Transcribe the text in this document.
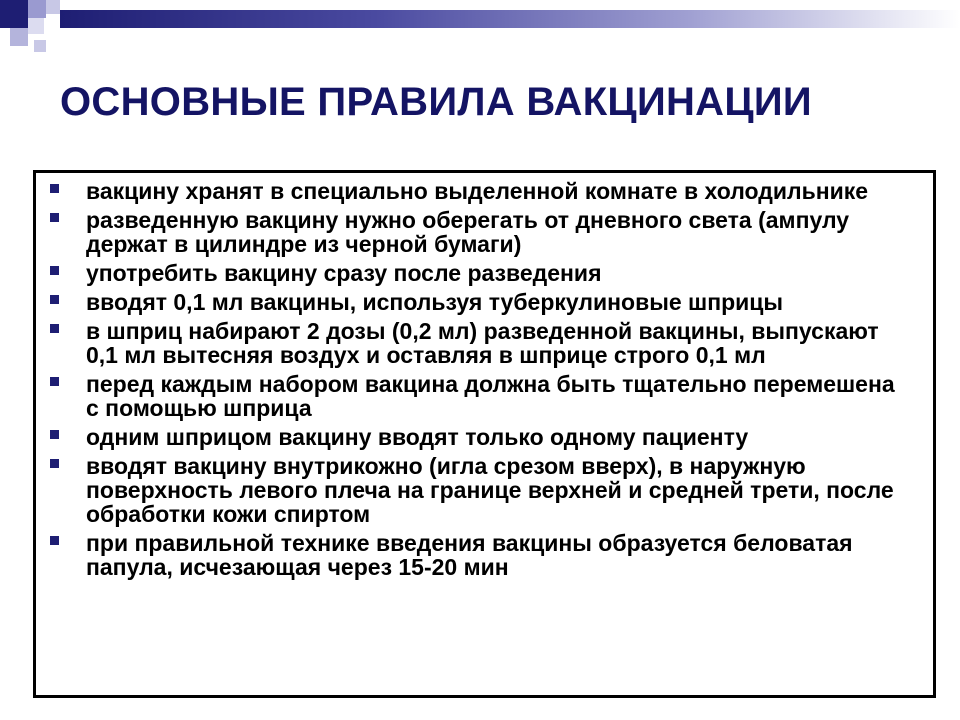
ОСНОВНЫЕ ПРАВИЛА ВАКЦИНАЦИИ
вакцину хранят в специально выделенной комнате в холодильнике
разведенную вакцину нужно оберегать от дневного света (ампулу держат в цилиндре из черной бумаги)
употребить вакцину сразу после разведения
вводят 0,1 мл вакцины, используя туберкулиновые шприцы
в шприц набирают 2 дозы (0,2 мл) разведенной вакцины, выпускают 0,1 мл вытесняя воздух и оставляя в шприце строго 0,1 мл
перед каждым набором вакцина должна быть тщательно перемешена с помощью шприца
одним шприцом вакцину вводят только одному пациенту
вводят вакцину внутрикожно (игла срезом вверх), в наружную поверхность левого плеча на границе верхней и средней трети, после обработки кожи спиртом
при правильной технике введения вакцины образуется беловатая папула, исчезающая через 15-20 мин
